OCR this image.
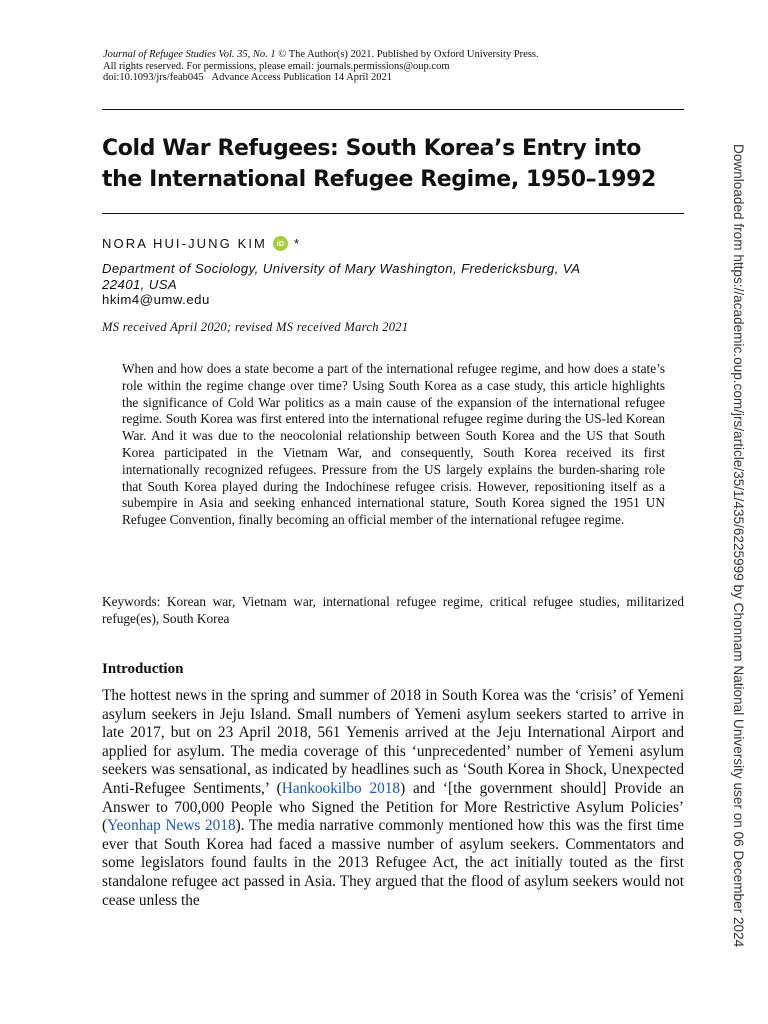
Journal of Refugee Studies Vol. 35, No. 1 © The Author(s) 2021. Published by Oxford University Press.
All rights reserved. For permissions, please email: journals.permissions@oup.com
doi:10.1093/jrs/feab045 Advance Access Publication 14 April 2021
Cold War Refugees: South Korea’s Entry into
the International Refugee Regime, 1950–1992
NORA HUI-JUNG KIM	iD *
Department of Sociology, University of Mary Washington, Fredericksburg, VA
22401, USA
hkim4@umw.edu
MS received April 2020; revised MS received March 2021

When and how does a state become a part of the international refugee regime, and how does a state’s role within the regime change over time? Using South Korea as a case study, this article highlights the significance of Cold War politics as a main cause of the expansion of the international refugee regime. South Korea was first entered into the international refugee regime during the US-led Korean War. And it was due to the neocolonial relationship between South Korea and the US that South Korea participated in the Vietnam War, and consequently, South Korea received its first internationally recognized refugees. Pressure from the US largely explains the burden-sharing role that South Korea played during the Indochinese refugee crisis. However, repositioning itself as a subempire in Asia and seeking enhanced international stature, South Korea signed the 1951 UN Refugee Convention, finally becoming an official member of the international refugee regime.

Keywords: Korean war, Vietnam war, international refugee regime, critical refugee studies, militarized refuge(es), South Korea

Introduction

The hottest news in the spring and summer of 2018 in South Korea was the ‘crisis’ of Yemeni asylum seekers in Jeju Island. Small numbers of Yemeni asylum seekers started to arrive in late 2017, but on 23 April 2018, 561 Yemenis arrived at the Jeju International Airport and applied for asylum. The media coverage of this ‘unprecedented’ number of Yemeni asylum seekers was sensational, as indicated by headlines such as ‘South Korea in Shock, Unexpected Anti-Refugee Sentiments,’ (Hankookilbo 2018) and ‘[the government should] Provide an Answer to 700,000 People who Signed the Petition for More Restrictive Asylum Policies’ (Yeonhap News 2018). The media narrative commonly mentioned how this was the first time ever that South Korea had faced a massive number of asylum seekers. Commentators and some legislators found faults in the 2013 Refugee Act, the act initially touted as the first standalone refugee act passed in Asia. They argued that the flood of asylum seekers would not cease unless the	Downloaded from https://academic.oup.com/jrs/article/35/1/435/6225999 by Chonnam National University user on 06 December 2024
